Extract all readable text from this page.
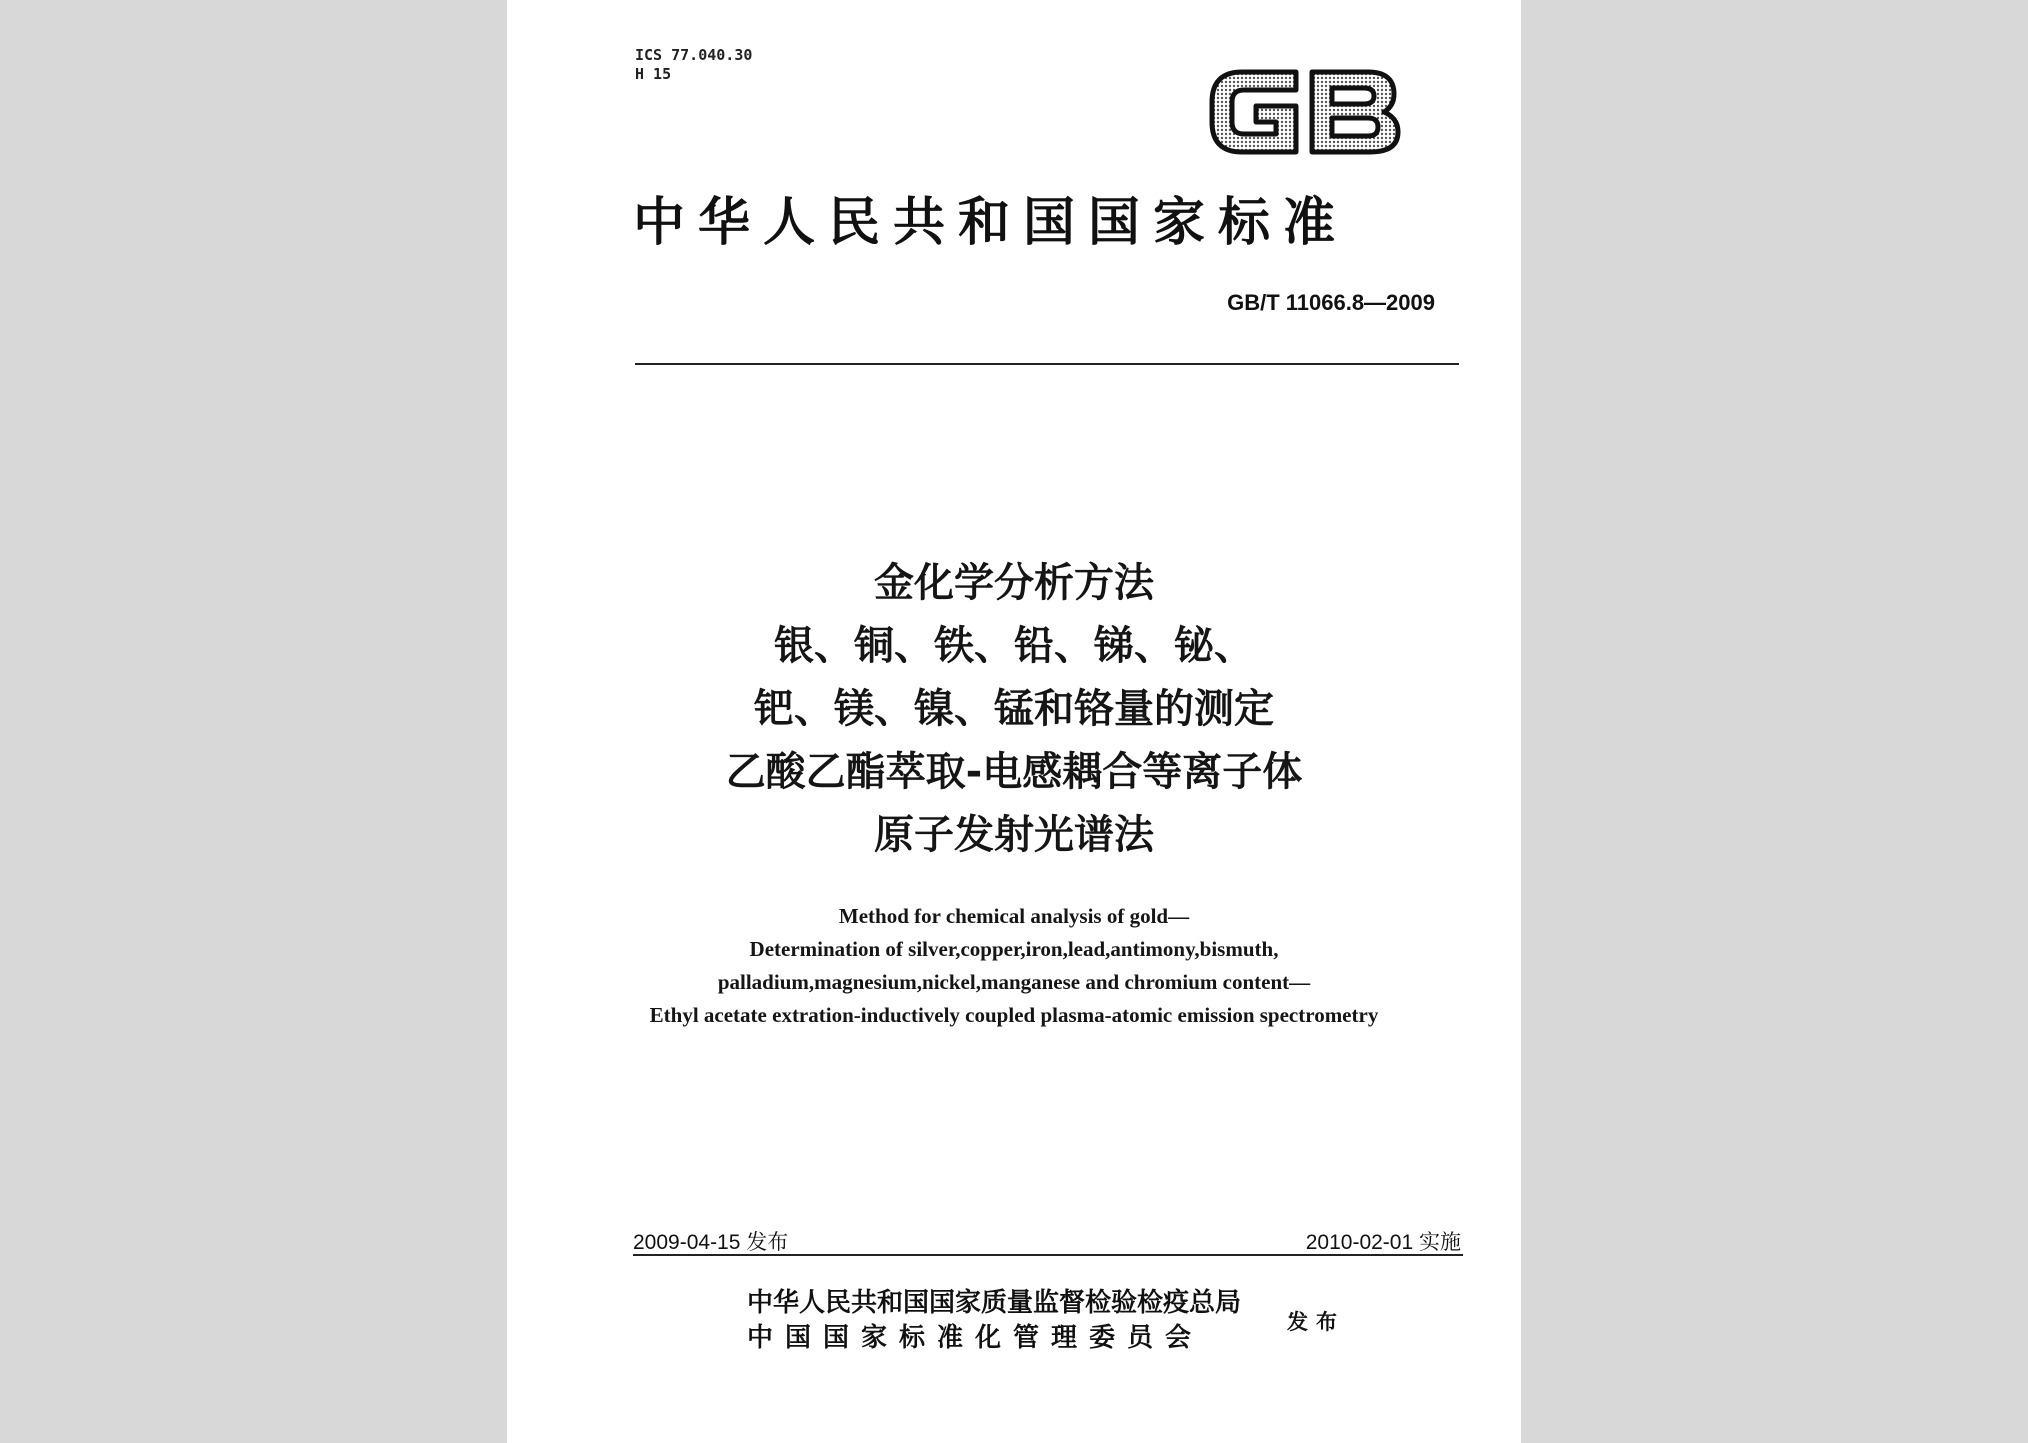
ICS 77.040.30
H 15
中华人民共和国国家标准
GB/T 11066.8—2009
金化学分析方法
银、铜、铁、铅、锑、铋、
钯、镁、镍、锰和铬量的测定
乙酸乙酯萃取-电感耦合等离子体
原子发射光谱法
Method for chemical analysis of gold—
Determination of silver,copper,iron,lead,antimony,bismuth,
palladium,magnesium,nickel,manganese and chromium content—
Ethyl acetate extration-inductively coupled plasma-atomic emission spectrometry
2009-04-15 发布	2010-02-01 实施
中华人民共和国国家质量监督检验检疫总局
中国国家标准化管理委员会
发布
